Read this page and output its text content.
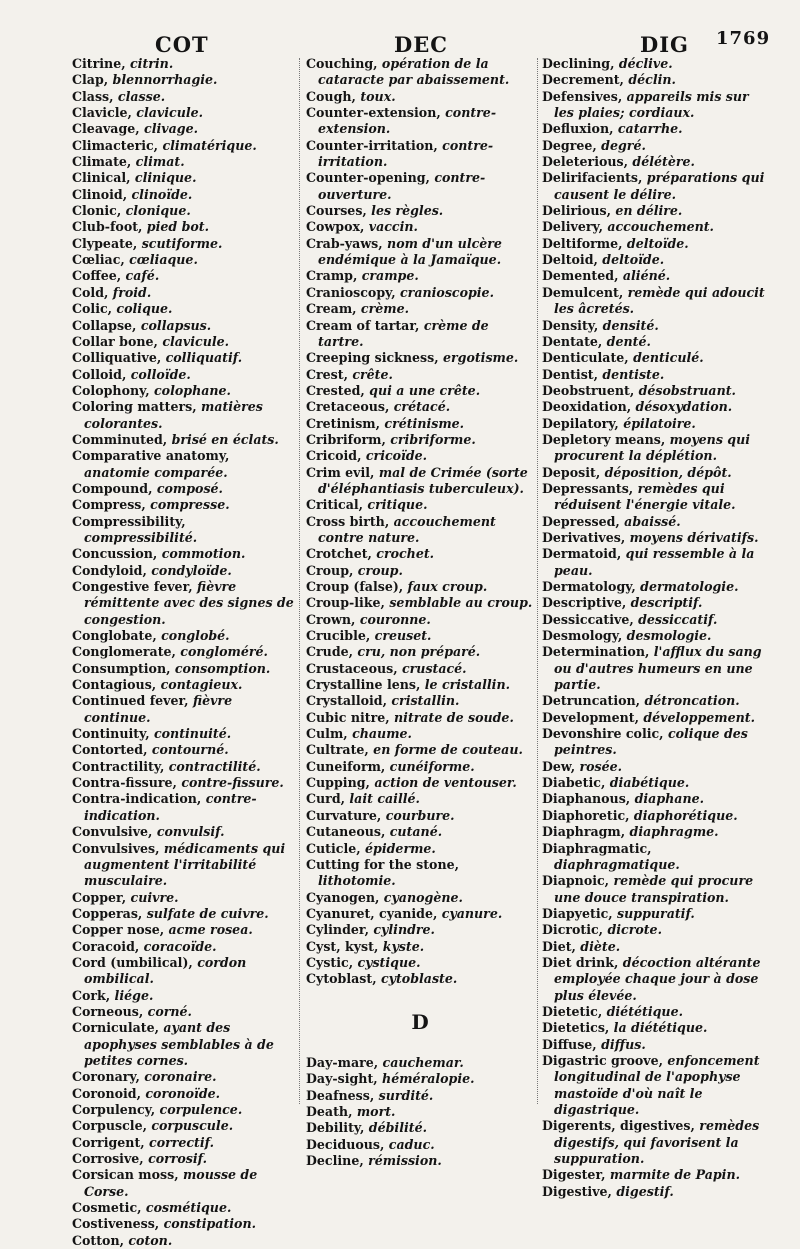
COT	DEC	DIG 1769

Citrine, citrin.

Clap, blennorrhagie.

Class, classe.

Clavicle, clavicule.

Cleavage, clivage.

Climacteric, climatérique.

Climate, climat.

Clinical, clinique.

Clinoid, clinoïde.

Clonic, clonique.

Club-foot, pied bot.

Clypeate, scutiforme.

Cœliac, cœliaque.

Coffee, café.

Cold, froid.

Colic, colique.

Collapse, collapsus.

Collar bone, clavicule.

Colliquative, colliquatif.

Colloid, colloïde.

Colophony, colophane.

Coloring matters, matières colorantes.

Comminuted, brisé en éclats.

Comparative anatomy, anatomie comparée.

Compound, composé.

Compress, compresse.

Compressibility, compressibilité.

Concussion, commotion.

Condyloid, condyloïde.

Congestive fever, fièvre rémittente avec des signes de congestion.

Conglobate, conglobé.

Conglomerate, congloméré.

Consumption, consomption.

Contagious, contagieux.

Continued fever, fièvre continue.

Continuity, continuité.

Contorted, contourné.

Contractility, contractilité.

Contra-fissure, contre-fissure.

Contra-indication, contre-indication.

Convulsive, convulsif.

Convulsives, médicaments qui augmentent l'irritabilité musculaire.

Copper, cuivre.

Copperas, sulfate de cuivre.

Copper nose, acme rosea.

Coracoid, coracoïde.

Cord (umbilical), cordon ombilical.

Cork, liége.

Corneous, corné.

Corniculate, ayant des apophyses semblables à de petites cornes.

Coronary, coronaire.

Coronoid, coronoïde.

Corpulency, corpulence.

Corpuscle, corpuscule.

Corrigent, correctif.

Corrosive, corrosif.

Corsican moss, mousse de Corse.

Cosmetic, cosmétique.

Costiveness, constipation.

Cotton, coton.

Couching, opération de la cataracte par abaissement.

Cough, toux.

Counter-extension, contre-extension.

Counter-irritation, contre-irritation.

Counter-opening, contre-ouverture.

Courses, les règles.

Cowpox, vaccin.

Crab-yaws, nom d'un ulcère endémique à la Jamaïque.

Cramp, crampe.

Cranioscopy, cranioscopie.

Cream, crème.

Cream of tartar, crème de tartre.

Creeping sickness, ergotisme.

Crest, crête.

Crested, qui a une crête.

Cretaceous, crétacé.

Cretinism, crétinisme.

Cribriform, cribriforme.

Cricoid, cricoïde.

Crim evil, mal de Crimée (sorte d'éléphantiasis tuberculeux).

Critical, critique.

Cross birth, accouchement contre nature.

Crotchet, crochet.

Croup, croup.

Croup (false), faux croup.

Croup-like, semblable au croup.

Crown, couronne.

Crucible, creuset.

Crude, cru, non préparé.

Crustaceous, crustacé.

Crystalline lens, le cristallin.

Crystalloid, cristallin.

Cubic nitre, nitrate de soude.

Culm, chaume.

Cultrate, en forme de couteau.

Cuneiform, cunéiforme.

Cupping, action de ventouser.

Curd, lait caillé.

Curvature, courbure.

Cutaneous, cutané.

Cuticle, épiderme.

Cutting for the stone, lithotomie.

Cyanogen, cyanogène.

Cyanuret, cyanide, cyanure.

Cylinder, cylindre.

Cyst, kyst, kyste.

Cystic, cystique.

Cytoblast, cytoblaste.

D

Day-mare, cauchemar.

Day-sight, héméralopie.

Deafness, surdité.

Death, mort.

Debility, débilité.

Deciduous, caduc.

Decline, rémission.

Declining, déclive.

Decrement, déclin.

Defensives, appareils mis sur les plaies; cordiaux.

Defluxion, catarrhe.

Degree, degré.

Deleterious, délétère.

Delirifacients, préparations qui causent le délire.

Delirious, en délire.

Delivery, accouchement.

Deltiforme, deltoïde.

Deltoid, deltoïde.

Demented, aliéné.

Demulcent, remède qui adoucit les âcretés.

Density, densité.

Dentate, denté.

Denticulate, denticulé.

Dentist, dentiste.

Deobstruent, désobstruant.

Deoxidation, désoxydation.

Depilatory, épilatoire.

Depletory means, moyens qui procurent la déplétion.

Deposit, déposition, dépôt.

Depressants, remèdes qui réduisent l'énergie vitale.

Depressed, abaissé.

Derivatives, moyens dérivatifs.

Dermatoid, qui ressemble à la peau.

Dermatology, dermatologie.

Descriptive, descriptif.

Dessiccative, dessiccatif.

Desmology, desmologie.

Determination, l'afflux du sang ou d'autres humeurs en une partie.

Detruncation, détroncation.

Development, développement.

Devonshire colic, colique des peintres.

Dew, rosée.

Diabetic, diabétique.

Diaphanous, diaphane.

Diaphoretic, diaphorétique.

Diaphragm, diaphragme.

Diaphragmatic, diaphragmatique.

Diapnoic, remède qui procure une douce transpiration.

Diapyetic, suppuratif.

Dicrotic, dicrote.

Diet, diète.

Diet drink, décoction altérante employée chaque jour à dose plus élevée.

Dietetic, diététique.

Dietetics, la diététique.

Diffuse, diffus.

Digastric groove, enfoncement longitudinal de l'apophyse mastoïde d'où naît le digastrique.

Digerents, digestives, remèdes digestifs, qui favorisent la suppuration.

Digester, marmite de Papin.

Digestive, digestif.
